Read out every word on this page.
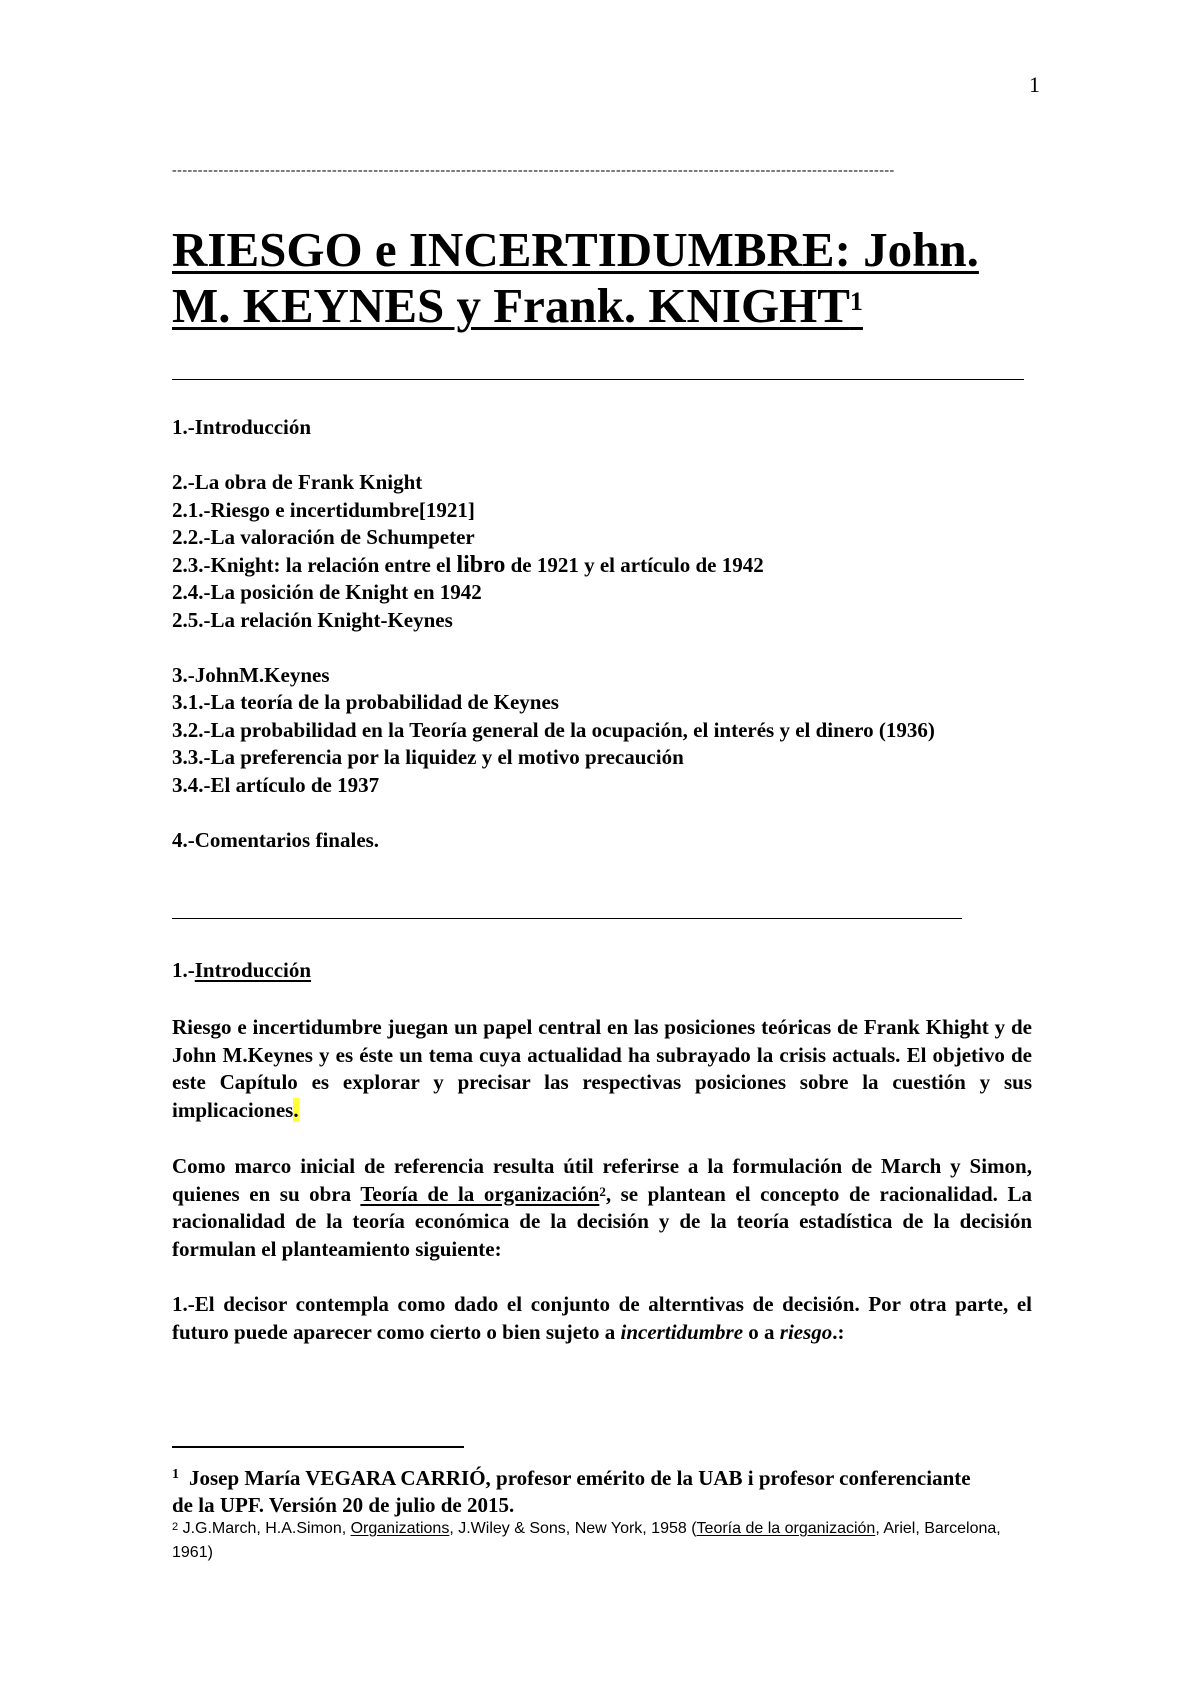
1
--------------------------------------------------------------------------------------------------------------------------------------------
RIESGO e INCERTIDUMBRE: John.
M. KEYNES y Frank. KNIGHT$^1$
1.-Introducción
2.-La obra de Frank Knight
2.1.-Riesgo e incertidumbre[1921]
2.2.-La valoración de Schumpeter
2.3.-Knight: la relación entre el libro de 1921 y el artículo de 1942
2.4.-La posición de Knight en 1942
2.5.-La relación Knight-Keynes
3.-JohnM.Keynes
3.1.-La teoría de la probabilidad de Keynes
3.2.-La probabilidad en la Teoría general de la ocupación, el interés y el dinero (1936)
3.3.-La preferencia por la liquidez y el motivo precaución
3.4.-El artículo de 1937
4.-Comentarios finales.
1.-Introducción
Riesgo e incertidumbre juegan un papel central en las posiciones teóricas de Frank Khight y de John M.Keynes y es éste un tema cuya actualidad ha subrayado la crisis actuals. El objetivo de este Capítulo es explorar y precisar las respectivas posiciones sobre la cuestión y sus implicaciones.
Como marco inicial de referencia resulta útil referirse a la formulación de March y Simon, quienes en su obra Teoría de la organización$^2$, se plantean el concepto de racionalidad. La racionalidad de la teoría económica de la decisión y de la teoría estadística de la decisión formulan el planteamiento siguiente:
1.-El decisor contempla como dado el conjunto de alterntivas de decisión. Por otra parte, el futuro puede aparecer como cierto o bien sujeto a incertidumbre o a riesgo.:
$^1$ Josep María VEGARA CARRIÓ, profesor emérito de la UAB i profesor conferenciante de la UPF. Versión 20 de julio de 2015.
$^2$ J.G.March, H.A.Simon, Organizations, J.Wiley & Sons, New York, 1958 (Teoría de la organización, Ariel, Barcelona, 1961)
